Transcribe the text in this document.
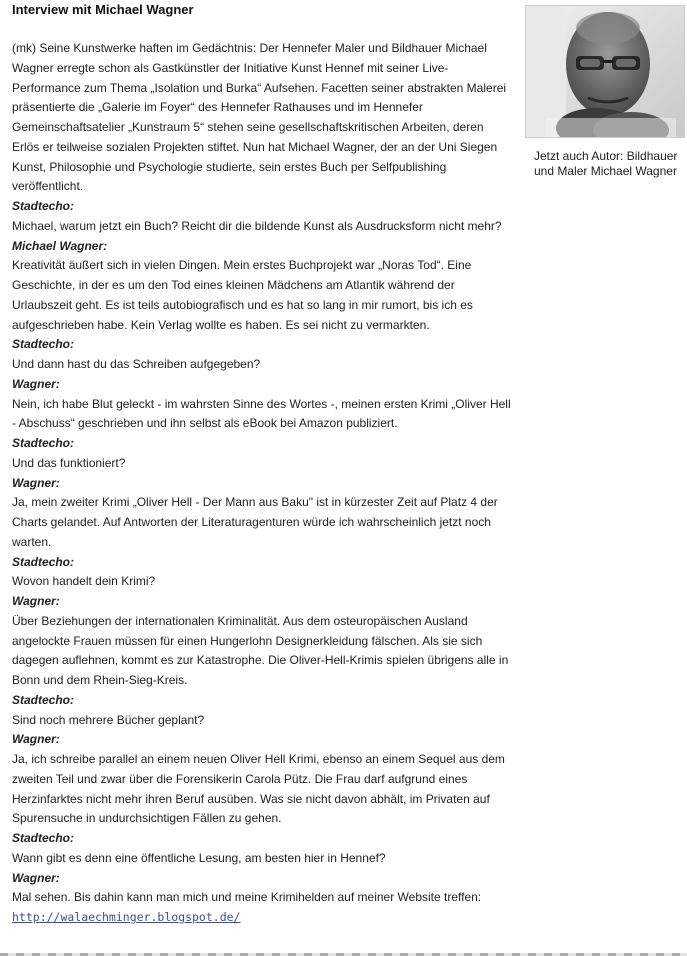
Interview mit Michael Wagner

(mk) Seine Kunstwerke haften im Gedächtnis: Der Hennefer Maler und Bildhauer Michael Wagner erregte schon als Gastkünstler der Initiative Kunst Hennef mit seiner Live-Performance zum Thema „Isolation und Burka“ Aufsehen. Facetten seiner abstrakten Malerei präsentierte die „Galerie im Foyer“ des Hennefer Rathauses und im Hennefer Gemeinschaftsatelier „Kunstraum 5“ stehen seine gesellschaftskritischen Arbeiten, deren Erlös er teilweise sozialen Projekten stiftet. Nun hat Michael Wagner, der an der Uni Siegen Kunst, Philosophie und Psychologie studierte, sein erstes Buch per Selfpublishing veröffentlicht.

Stadtecho:
Michael, warum jetzt ein Buch? Reicht dir die bildende Kunst als Ausdrucksform nicht mehr?
Michael Wagner:
Kreativität äußert sich in vielen Dingen. Mein erstes Buchprojekt war „Noras Tod“. Eine Geschichte, in der es um den Tod eines kleinen Mädchens am Atlantik während der Urlaubszeit geht. Es ist teils autobiografisch und es hat so lang in mir rumort, bis ich es aufgeschrieben habe. Kein Verlag wollte es haben. Es sei nicht zu vermarkten.
Stadtecho:
Und dann hast du das Schreiben aufgegeben?
Wagner:
Nein, ich habe Blut geleckt - im wahrsten Sinne des Wortes -, meinen ersten Krimi „Oliver Hell - Abschuss“ geschrieben und ihn selbst als eBook bei Amazon publiziert.
Stadtecho:
Und das funktioniert?
Wagner:
Ja, mein zweiter Krimi „Oliver Hell - Der Mann aus Baku" ist in kürzester Zeit auf Platz 4 der Charts gelandet. Auf Antworten der Literaturagenturen würde ich wahrscheinlich jetzt noch warten.
Stadtecho:
Wovon handelt dein Krimi?
Wagner:
Über Beziehungen der internationalen Kriminalität. Aus dem osteuropäischen Ausland angelockte Frauen müssen für einen Hungerlohn Designerkleidung fälschen. Als sie sich dagegen auflehnen, kommt es zur Katastrophe. Die Oliver-Hell-Krimis spielen übrigens alle in Bonn und dem Rhein-Sieg-Kreis.
Stadtecho:
Sind noch mehrere Bücher geplant?
Wagner:
Ja, ich schreibe parallel an einem neuen Oliver Hell Krimi, ebenso an einem Sequel aus dem zweiten Teil und zwar über die Forensikerin Carola Pütz. Die Frau darf aufgrund eines Herzinfarktes nicht mehr ihren Beruf ausüben. Was sie nicht davon abhält, im Privaten auf Spurensuche in undurchsichtigen Fällen zu gehen.
Stadtecho:
Wann gibt es denn eine öffentliche Lesung, am besten hier in Hennef?
Wagner:
Mal sehen. Bis dahin kann man mich und meine Krimihelden auf meiner Website treffen:

http://walaechminger.blogspot.de/

Jetzt auch Autor: Bildhauer und Maler Michael Wagner
